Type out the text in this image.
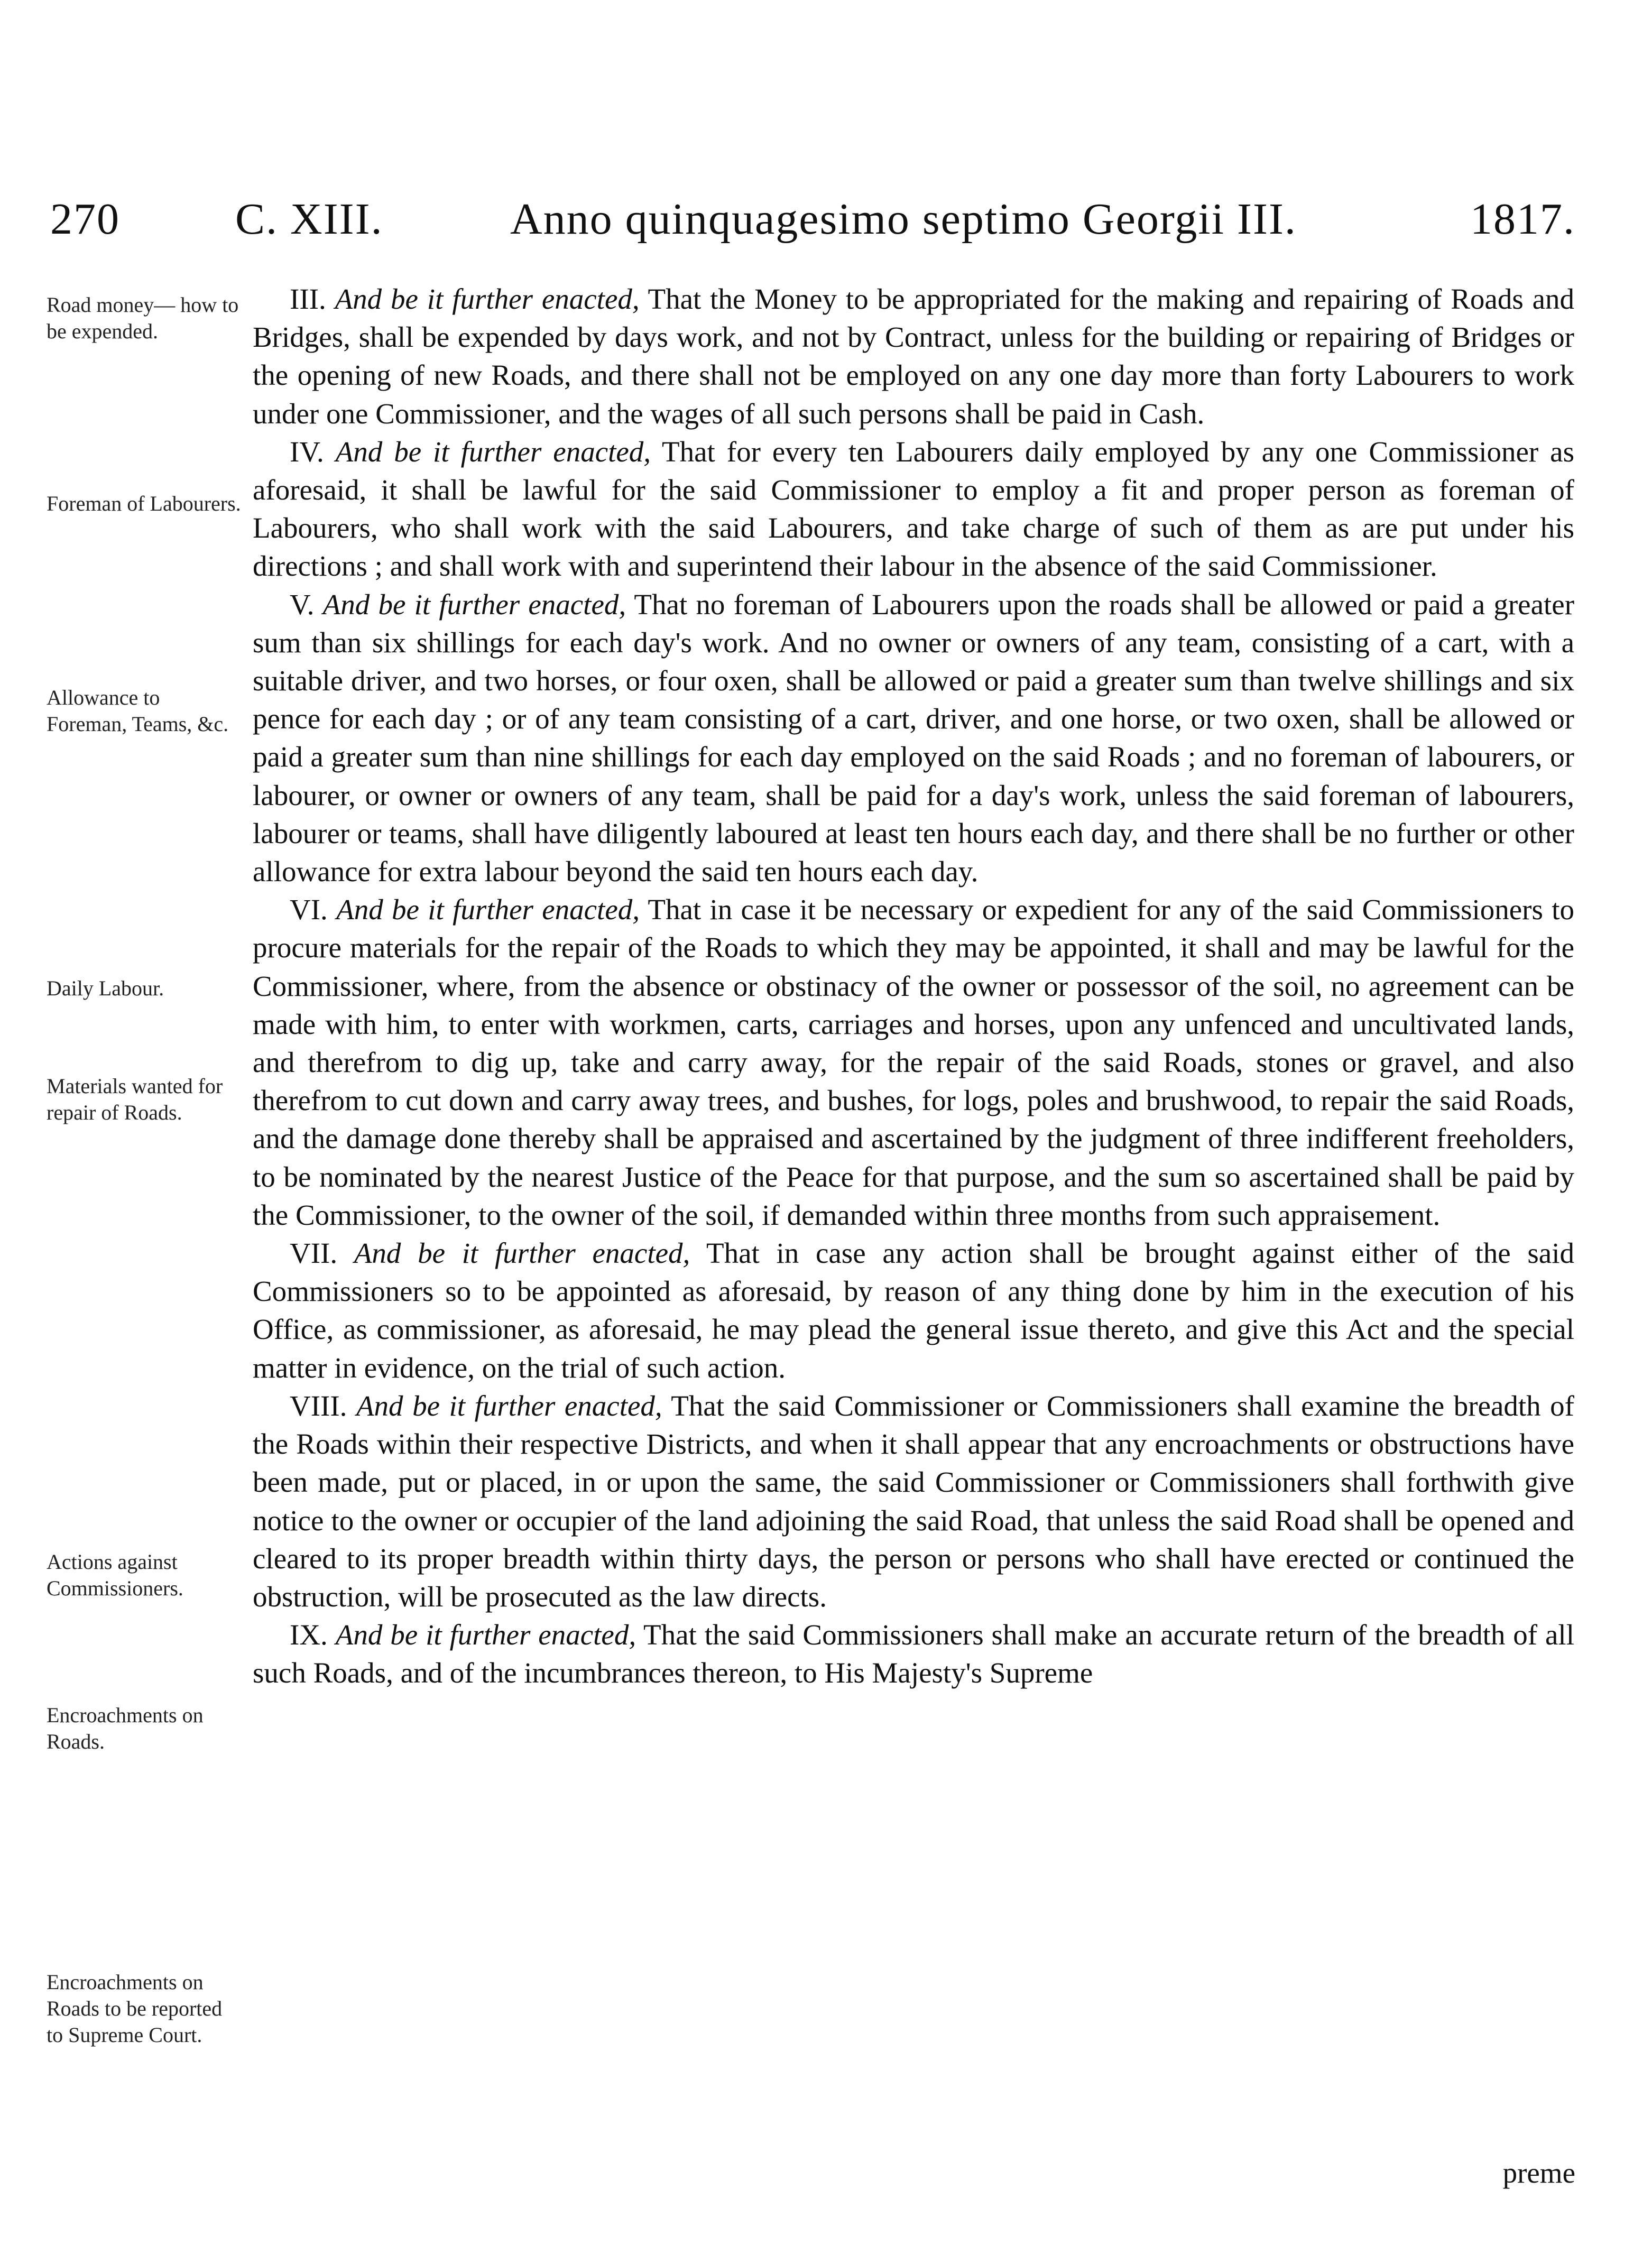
270	C. XIII.	Anno quinquagesimo septimo Georgii III.	1817.
Road money— how to be expended.
Foreman of Labourers.
Allowance to Foreman, Teams, &c.
Daily Labour.
Materials wanted for repair of Roads.
Actions against Commissioners.
Encroachments on Roads.
Encroachments on Roads to be reported to Supreme Court.

III. And be it further enacted, That the Money to be appropriated for the making and repairing of Roads and Bridges, shall be expended by days work, and not by Contract, unless for the building or repairing of Bridges or the opening of new Roads, and there shall not be employed on any one day more than forty Labourers to work under one Commissioner, and the wages of all such persons shall be paid in Cash.

IV. And be it further enacted, That for every ten Labourers daily employed by any one Commissioner as aforesaid, it shall be lawful for the said Commissioner to employ a fit and proper person as foreman of Labourers, who shall work with the said Labourers, and take charge of such of them as are put under his directions ; and shall work with and superintend their labour in the absence of the said Commissioner.

V. And be it further enacted, That no foreman of Labourers upon the roads shall be allowed or paid a greater sum than six shillings for each day's work. And no owner or owners of any team, consisting of a cart, with a suitable driver, and two horses, or four oxen, shall be allowed or paid a greater sum than twelve shillings and six pence for each day ; or of any team consisting of a cart, driver, and one horse, or two oxen, shall be allowed or paid a greater sum than nine shillings for each day employed on the said Roads ; and no foreman of labourers, or labourer, or owner or owners of any team, shall be paid for a day's work, unless the said foreman of labourers, labourer or teams, shall have diligently laboured at least ten hours each day, and there shall be no further or other allowance for extra labour beyond the said ten hours each day.

VI. And be it further enacted, That in case it be necessary or expedient for any of the said Commissioners to procure materials for the repair of the Roads to which they may be appointed, it shall and may be lawful for the Commissioner, where, from the absence or obstinacy of the owner or possessor of the soil, no agreement can be made with him, to enter with workmen, carts, carriages and horses, upon any unfenced and uncultivated lands, and therefrom to dig up, take and carry away, for the repair of the said Roads, stones or gravel, and also therefrom to cut down and carry away trees, and bushes, for logs, poles and brushwood, to repair the said Roads, and the damage done thereby shall be appraised and ascertained by the judgment of three indifferent freeholders, to be nominated by the nearest Justice of the Peace for that purpose, and the sum so ascertained shall be paid by the Commissioner, to the owner of the soil, if demanded within three months from such appraisement.

VII. And be it further enacted, That in case any action shall be brought against either of the said Commissioners so to be appointed as aforesaid, by reason of any thing done by him in the execution of his Office, as commissioner, as aforesaid, he may plead the general issue thereto, and give this Act and the special matter in evidence, on the trial of such action.

VIII. And be it further enacted, That the said Commissioner or Commissioners shall examine the breadth of the Roads within their respective Districts, and when it shall appear that any encroachments or obstructions have been made, put or placed, in or upon the same, the said Commissioner or Commissioners shall forthwith give notice to the owner or occupier of the land adjoining the said Road, that unless the said Road shall be opened and cleared to its proper breadth within thirty days, the person or persons who shall have erected or continued the obstruction, will be prosecuted as the law directs.

IX. And be it further enacted, That the said Commissioners shall make an accurate return of the breadth of all such Roads, and of the incumbrances thereon, to His Majesty's Supreme

preme
